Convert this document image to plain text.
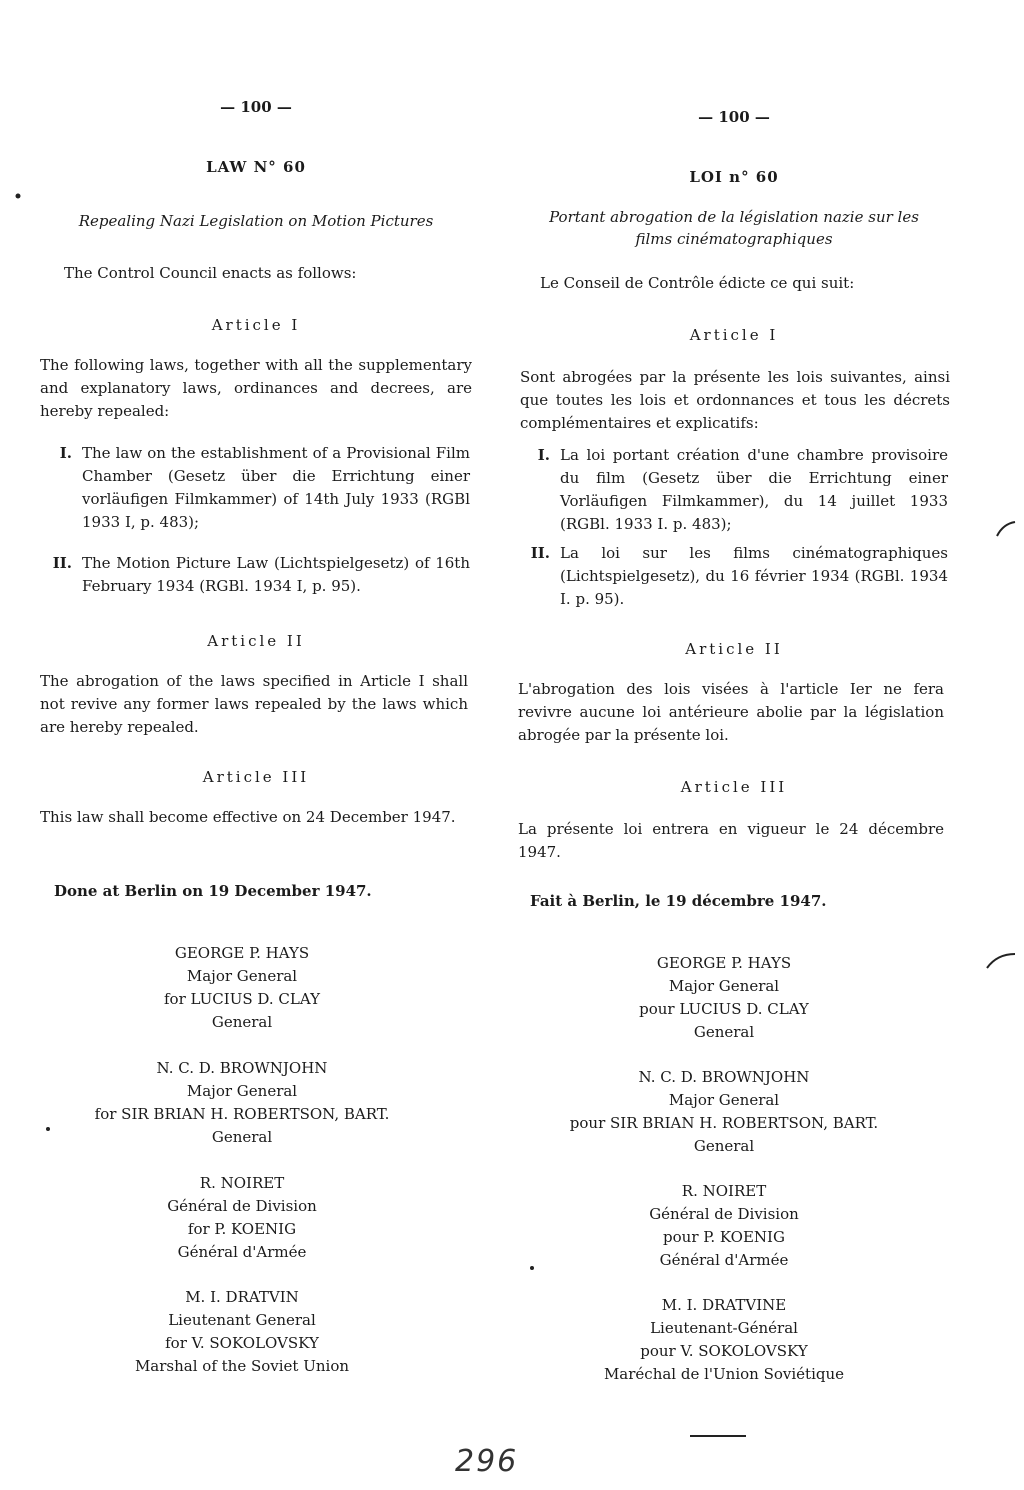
— 100 —
LAW N° 60
Repealing Nazi Legislation on Motion Pictures
The Control Council enacts as follows:
Article I
The following laws, together with all the supplementary and explanatory laws, ordinances and decrees, are hereby repealed:
I. The law on the establishment of a Provisional Film Chamber (Gesetz über die Errichtung einer vorläufigen Filmkammer) of 14th July 1933 (RGBl 1933 I, p. 483);
II. The Motion Picture Law (Lichtspielgesetz) of 16th February 1934 (RGBl. 1934 I, p. 95).
Article II
The abrogation of the laws specified in Article I shall not revive any former laws repealed by the laws which are hereby repealed.
Article III
This law shall become effective on 24 December 1947.
Done at Berlin on 19 December 1947.
GEORGE P. HAYS
Major General
for LUCIUS D. CLAY
General
N. C. D. BROWNJOHN
Major General
for SIR BRIAN H. ROBERTSON, BART.
General
R. NOIRET
Général de Division
for P. KOENIG
Général d'Armée
M. I. DRATVIN
Lieutenant General
for V. SOKOLOVSKY
Marshal of the Soviet Union
— 100 —
LOI n° 60
Portant abrogation de la législation nazie sur les
films cinématographiques
Le Conseil de Contrôle édicte ce qui suit:
Article I
Sont abrogées par la présente les lois suivantes, ainsi que toutes les lois et ordonnances et tous les décrets complémentaires et explicatifs:
I. La loi portant création d'une chambre provisoire du film (Gesetz über die Errichtung einer Vorläufigen Filmkammer), du 14 juillet 1933 (RGBl. 1933 I. p. 483);
II. La loi sur les films cinématographiques (Lichtspielgesetz), du 16 février 1934 (RGBl. 1934 I. p. 95).
Article II
L'abrogation des lois visées à l'article Ier ne fera revivre aucune loi antérieure abolie par la législation abrogée par la présente loi.
Article III
La présente loi entrera en vigueur le 24 décembre 1947.
Fait à Berlin, le 19 décembre 1947.
GEORGE P. HAYS
Major General
pour LUCIUS D. CLAY
General
N. C. D. BROWNJOHN
Major General
pour SIR BRIAN H. ROBERTSON, BART.
General
R. NOIRET
Général de Division
pour P. KOENIG
Général d'Armée
M. I. DRATVINE
Lieutenant-Général
pour V. SOKOLOVSKY
Maréchal de l'Union Soviétique
296
